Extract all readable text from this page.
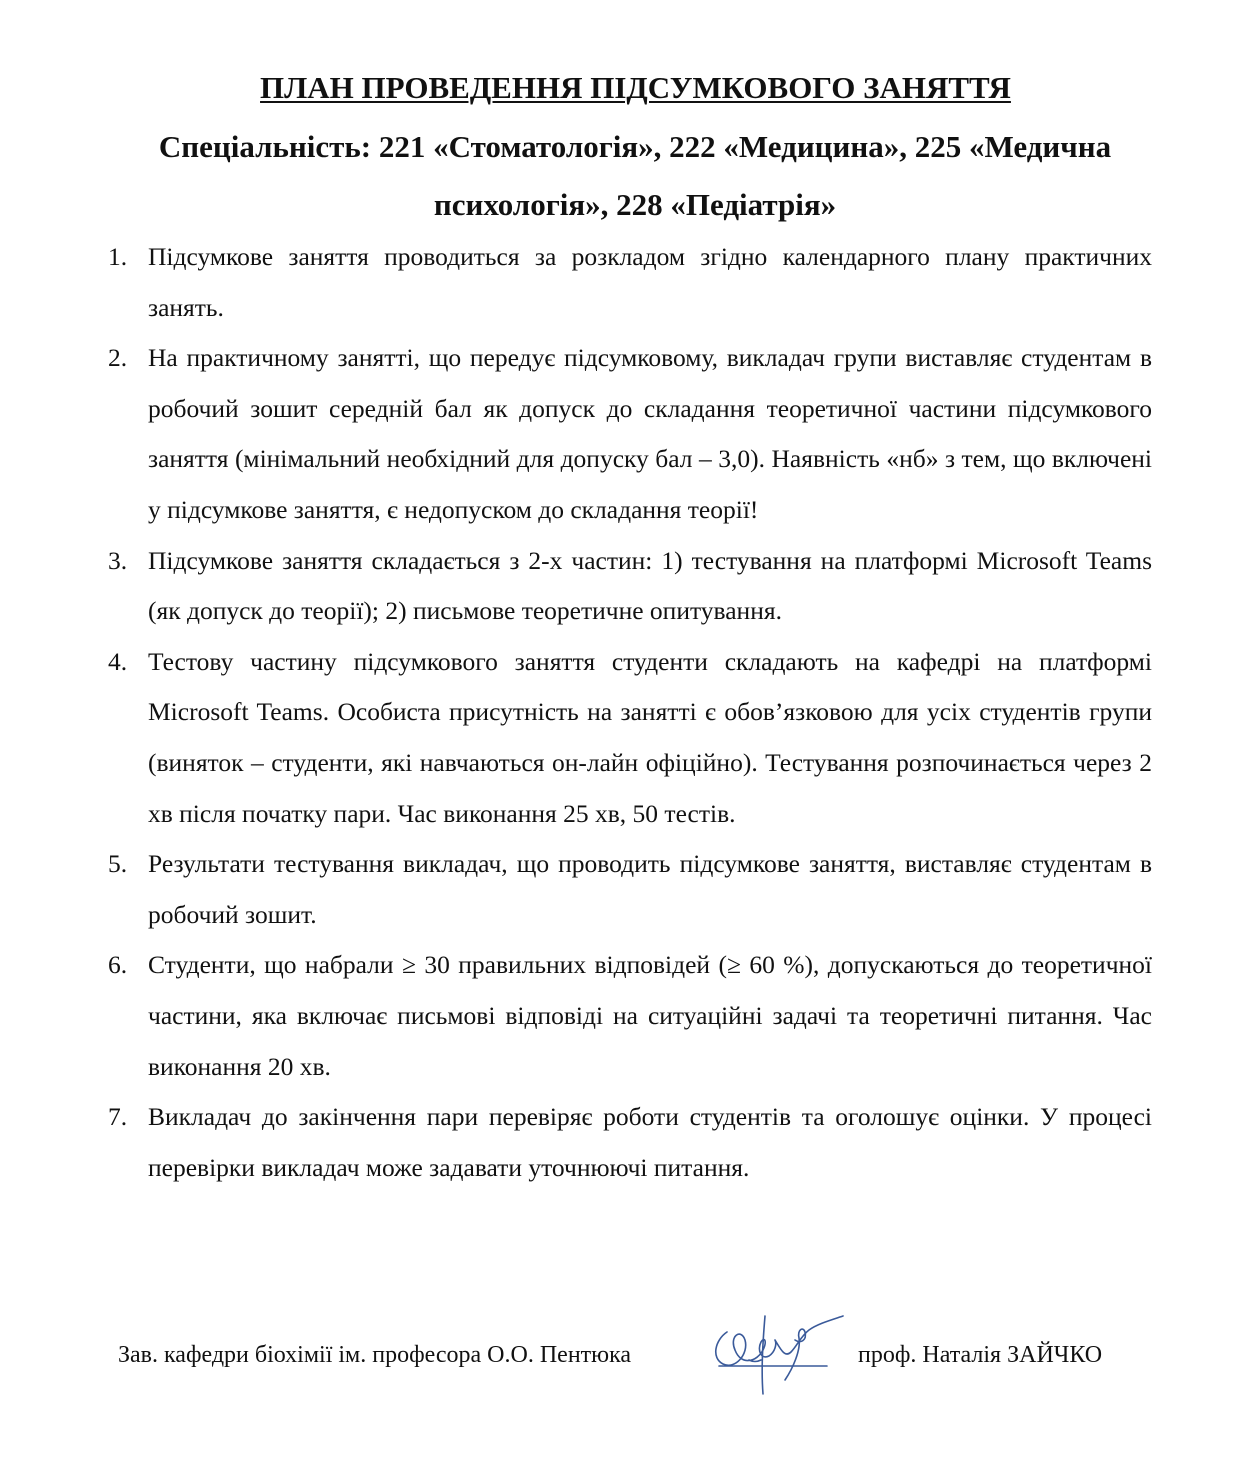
ПЛАН ПРОВЕДЕННЯ ПІДСУМКОВОГО ЗАНЯТТЯ
Спеціальність: 221 «Стоматологія», 222 «Медицина», 225 «Медична психологія», 228 «Педіатрія»
1. Підсумкове заняття проводиться за розкладом згідно календарного плану практичних занять.
2. На практичному занятті, що передує підсумковому, викладач групи виставляє студентам в робочий зошит середній бал як допуск до складання теоретичної частини підсумкового заняття (мінімальний необхідний для допуску бал – 3,0). Наявність «нб» з тем, що включені у підсумкове заняття, є недопуском до складання теорії!
3. Підсумкове заняття складається з 2-х частин: 1) тестування на платформі Microsoft Teams (як допуск до теорії); 2) письмове теоретичне опитування.
4. Тестову частину підсумкового заняття студенти складають на кафедрі на платформі Microsoft Teams. Особиста присутність на занятті є обов’язковою для усіх студентів групи (виняток – студенти, які навчаються он-лайн офіційно). Тестування розпочинається через 2 хв після початку пари. Час виконання 25 хв, 50 тестів.
5. Результати тестування викладач, що проводить підсумкове заняття, виставляє студентам в робочий зошит.
6. Студенти, що набрали ≥ 30 правильних відповідей (≥ 60 %), допускаються до теоретичної частини, яка включає письмові відповіді на ситуаційні задачі та теоретичні питання. Час виконання 20 хв.
7. Викладач до закінчення пари перевіряє роботи студентів та оголошує оцінки. У процесі перевірки викладач може задавати уточнюючі питання.
Зав. кафедри біохімії ім. професора О.О. Пентюка	проф. Наталія ЗАЙЧКО
